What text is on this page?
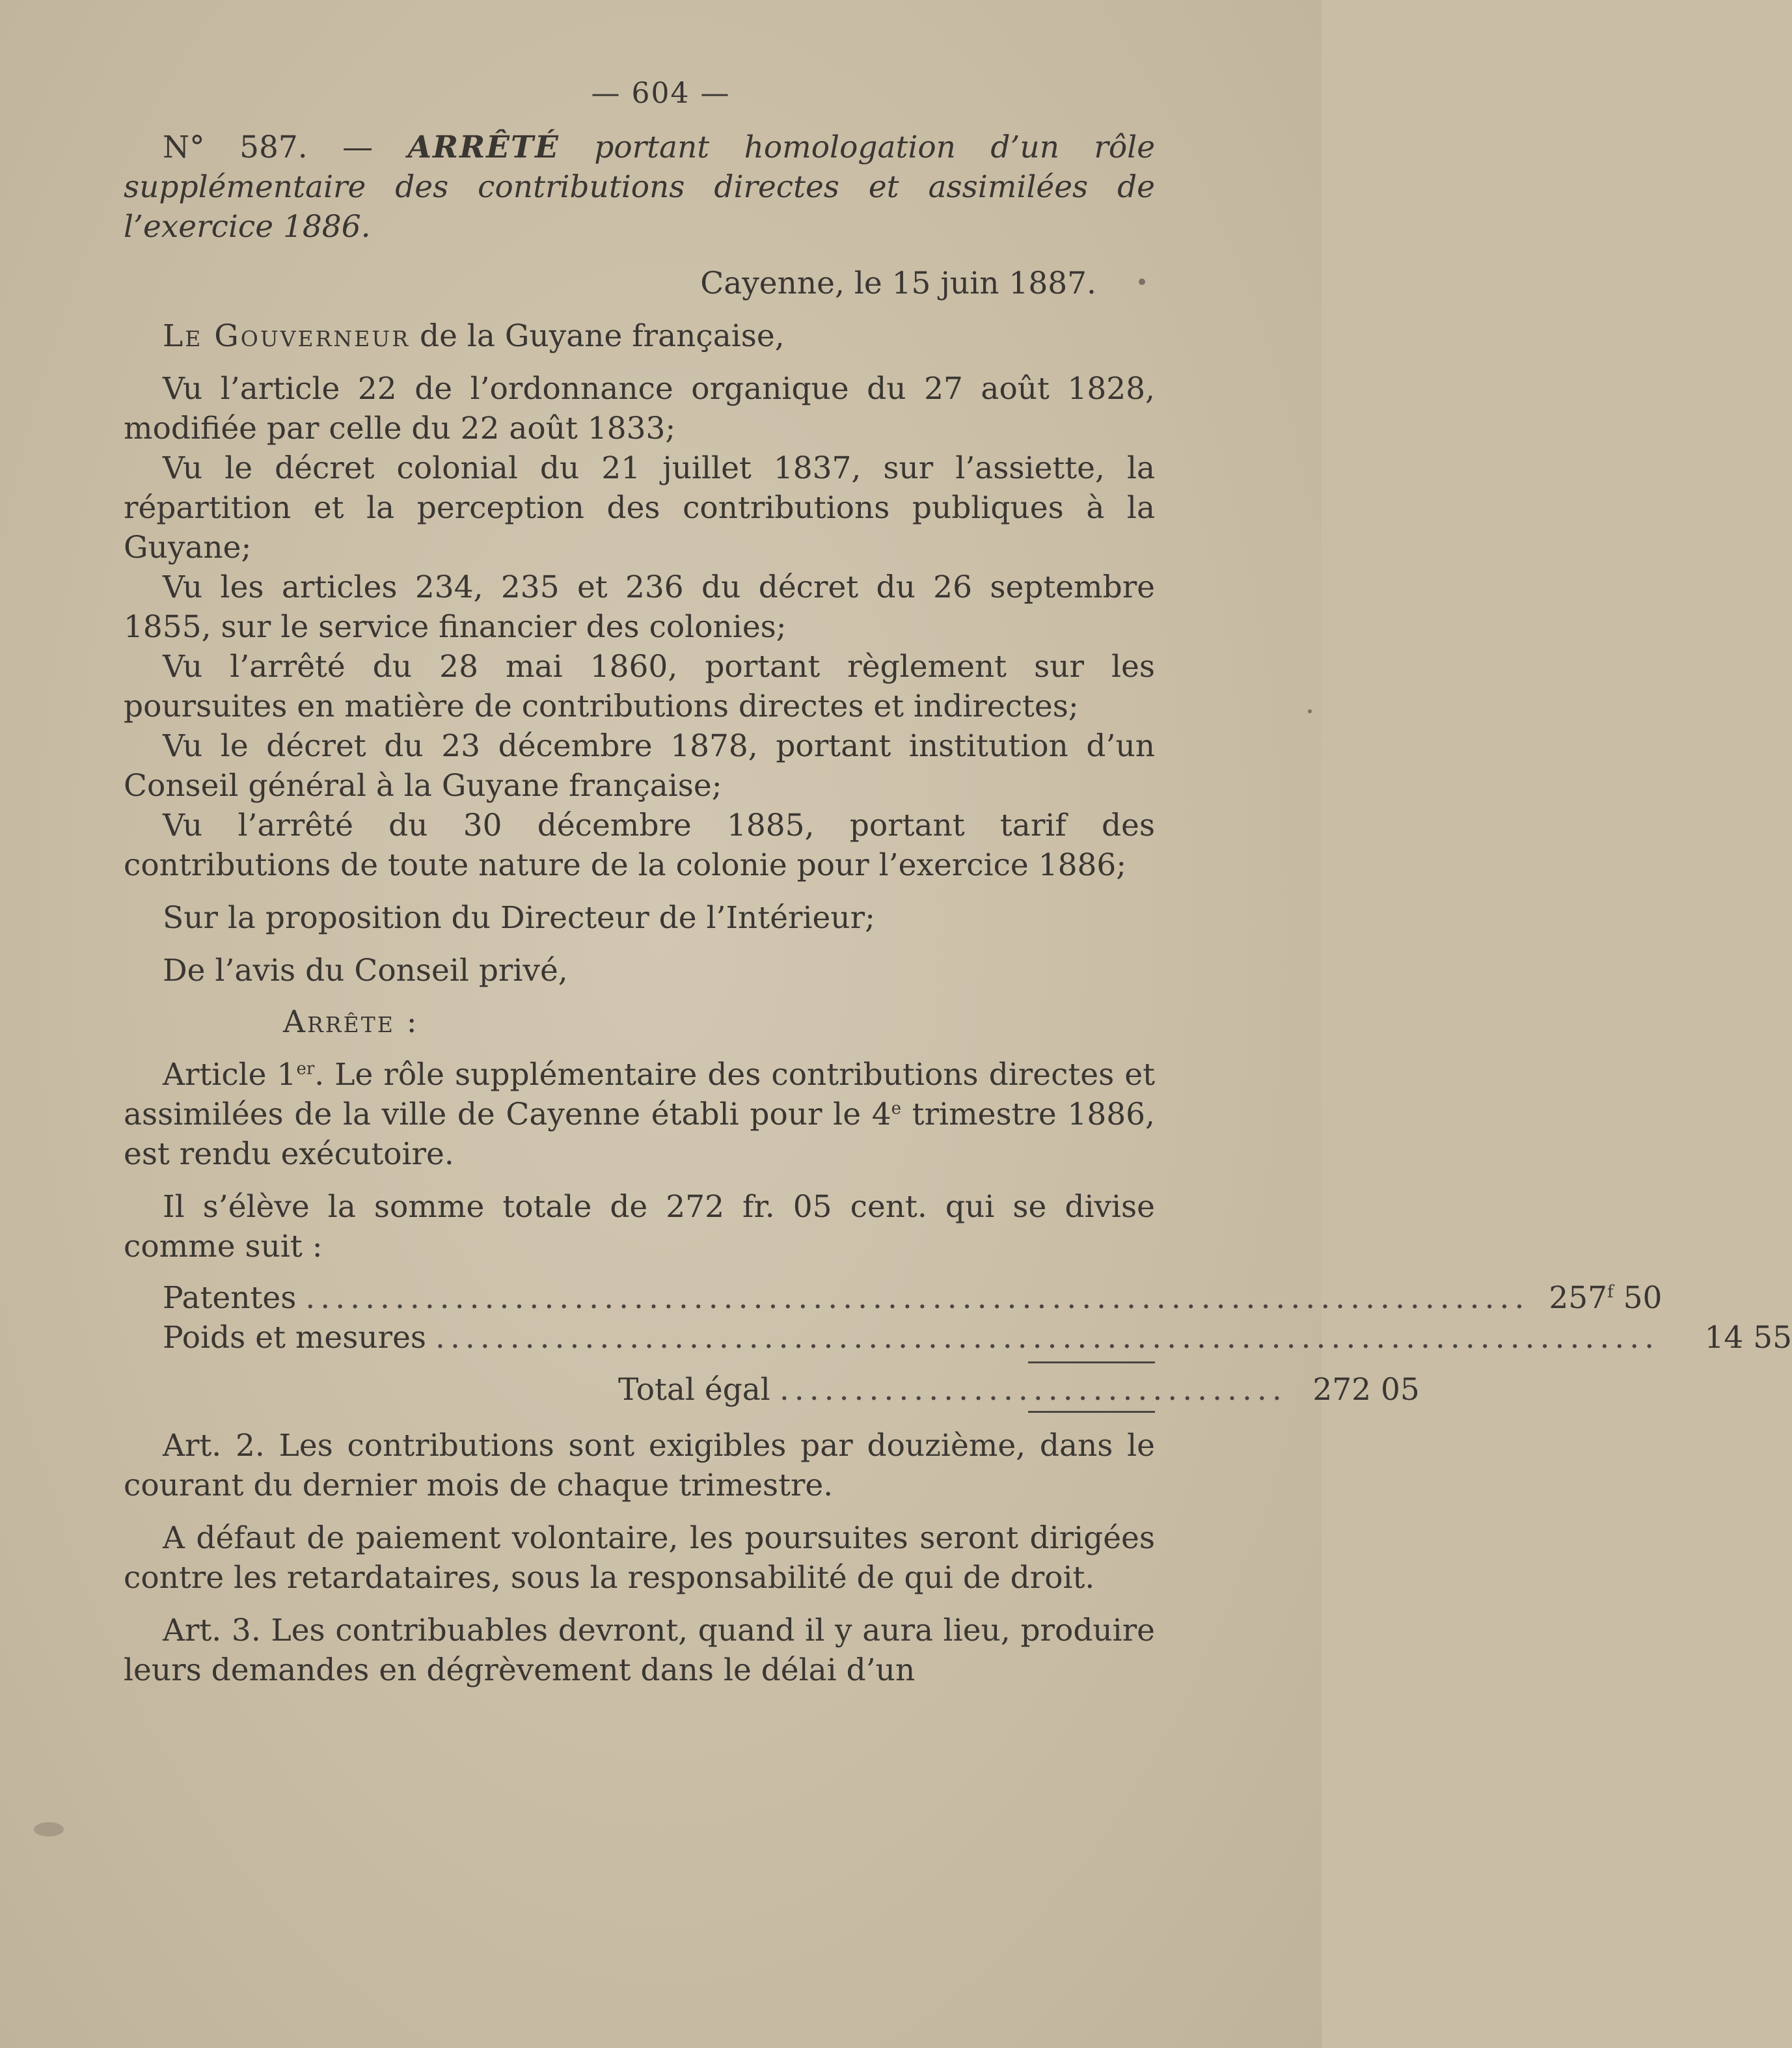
— 604 —

N° 587. — ARRÊTÉ portant homologation d’un rôle supplémentaire des contributions directes et assimilées de l’exercice 1886.

Cayenne, le 15 juin 1887.

Le Gouverneur de la Guyane française,

Vu l’article 22 de l’ordonnance organique du 27 août 1828, modifiée par celle du 22 août 1833;

Vu le décret colonial du 21 juillet 1837, sur l’assiette, la répartition et la perception des contributions publiques à la Guyane;

Vu les articles 234, 235 et 236 du décret du 26 septembre 1855, sur le service financier des colonies;

Vu l’arrêté du 28 mai 1860, portant règlement sur les poursuites en matière de contributions directes et indirectes;

Vu le décret du 23 décembre 1878, portant institution d’un Conseil général à la Guyane française;

Vu l’arrêté du 30 décembre 1885, portant tarif des contributions de toute nature de la colonie pour l’exercice 1886;

Sur la proposition du Directeur de l’Intérieur;

De l’avis du Conseil privé,

Arrête :

Article 1er. Le rôle supplémentaire des contributions directes et assimilées de la ville de Cayenne établi pour le 4e trimestre 1886, est rendu exécutoire.

Il s’élève la somme totale de 272 fr. 05 cent. qui se divise comme suit :

Patentes .................................................................................. 257$^f$ 50
Poids et mesures ..................................................................................	14 55
Total égal .................................. 272 05

Art. 2. Les contributions sont exigibles par douzième, dans le courant du dernier mois de chaque trimestre.

A défaut de paiement volontaire, les poursuites seront dirigées contre les retardataires, sous la responsabilité de qui de droit.

Art. 3. Les contribuables devront, quand il y aura lieu, produire leurs demandes en dégrèvement dans le délai d’un
